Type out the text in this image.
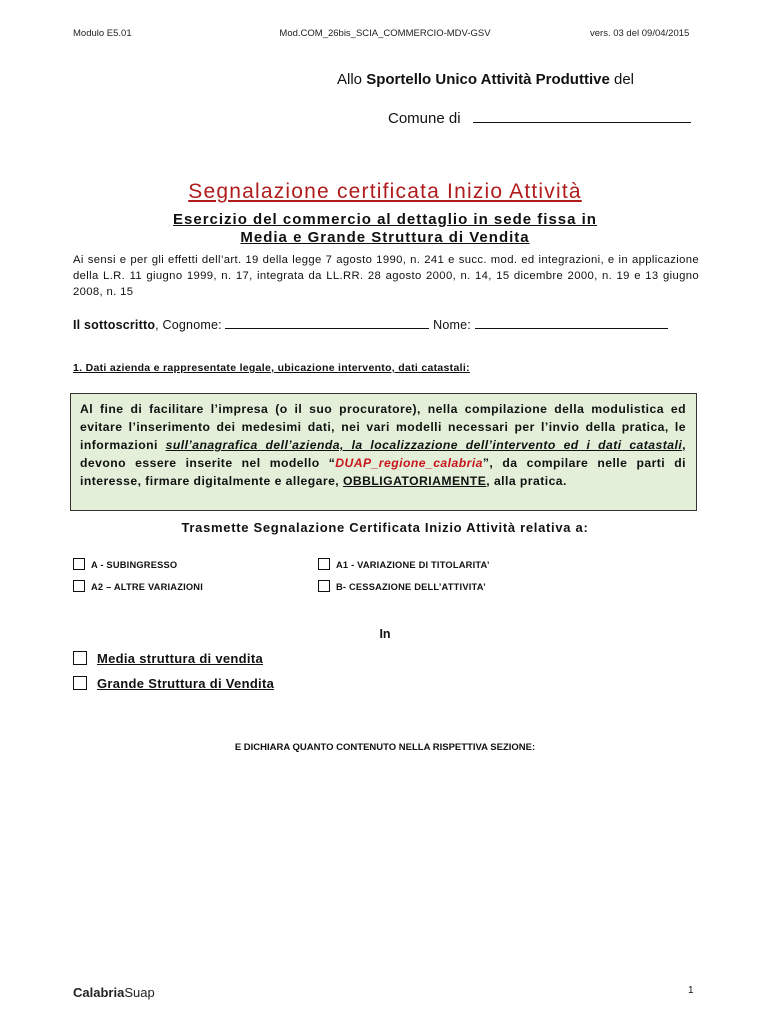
Modulo E5.01	Mod.COM_26bis_SCIA_COMMERCIO-MDV-GSV	vers. 03 del 09/04/2015
Allo Sportello Unico Attività Produttive del
Comune di
Segnalazione certificata Inizio Attività
Esercizio del commercio al dettaglio in sede fissa in
Media e Grande Struttura di Vendita
Ai sensi e per gli effetti dell’art. 19 della legge 7 agosto 1990, n. 241 e succ. mod. ed integrazioni, e in applicazione della L.R. 11 giugno 1999, n. 17, integrata da LL.RR. 28 agosto 2000, n. 14, 15 dicembre 2000, n. 19 e 13 giugno 2008, n. 15
Il sottoscritto, Cognome:	Nome:
1. Dati azienda e rappresentate legale, ubicazione intervento, dati catastali:
Al fine di facilitare l’impresa (o il suo procuratore), nella compilazione della modulistica ed evitare l’inserimento dei medesimi dati, nei vari modelli necessari per l’invio della pratica, le informazioni sull’anagrafica dell’azienda, la localizzazione dell’intervento ed i dati catastali, devono essere inserite nel modello “DUAP_regione_calabria”, da compilare nelle parti di interesse, firmare digitalmente e allegare, OBBLIGATORIAMENTE, alla pratica.
Trasmette Segnalazione Certificata Inizio Attività relativa a:
A - SUBINGRESSO	A1 - VARIAZIONE DI TITOLARITA’
A2 – ALTRE VARIAZIONI	B- CESSAZIONE DELL’ATTIVITA’
In
Media struttura di vendita
Grande Struttura di Vendita
E DICHIARA QUANTO CONTENUTO NELLA RISPETTIVA SEZIONE:
CalabriaSuap	1
